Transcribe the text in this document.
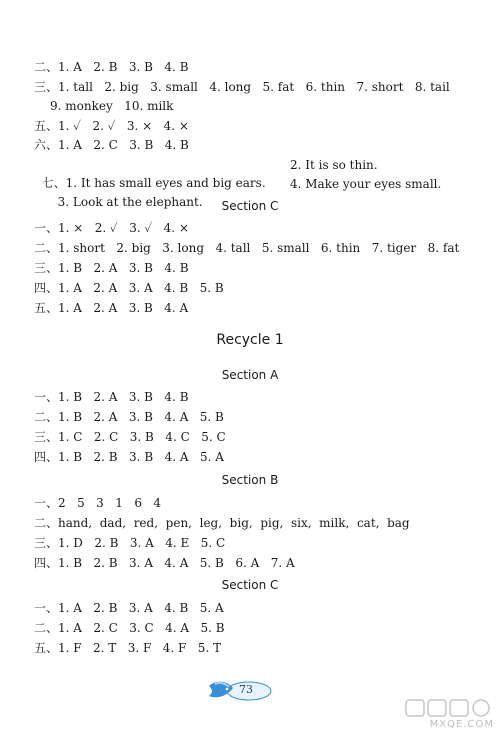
二、1. A   2. B   3. B   4. B
三、1. tall   2. big   3. small   4. long   5. fat   6. thin   7. short   8. tail
9. monkey   10. milk
五、1. ✓   2. ✓   3. ×   4. ×
六、1. A   2. C   3. B   4. B

七、1. It has small eyes and big ears.

2. It is so thin.

3. Look at the elephant.

4. Make your eyes small.

Section C
一、1. ×   2. ✓   3. ✓   4. ×
二、1. short   2. big   3. long   4. tall   5. small   6. thin   7. tiger   8. fat
三、1. B   2. A   3. B   4. B
四、1. A   2. A   3. A   4. B   5. B
五、1. A   2. A   3. B   4. A
Recycle 1
Section A
一、1. B   2. A   3. B   4. B
二、1. B   2. A   3. B   4. A   5. B
三、1. C   2. C   3. B   4. C   5. C
四、1. B   2. B   3. B   4. A   5. A
Section B
一、2   5   3   1   6   4
二、hand,  dad,  red,  pen,  leg,  big,  pig,  six,  milk,  cat,  bag
三、1. D   2. B   3. A   4. E   5. C
四、1. B   2. B   3. A   4. A   5. B   6. A   7. A
Section C
一、1. A   2. B   3. A   4. B   5. A
二、1. A   2. C   3. C   4. A   5. B
五、1. F   2. T   3. F   4. F   5. T
73
MXQE.COM
